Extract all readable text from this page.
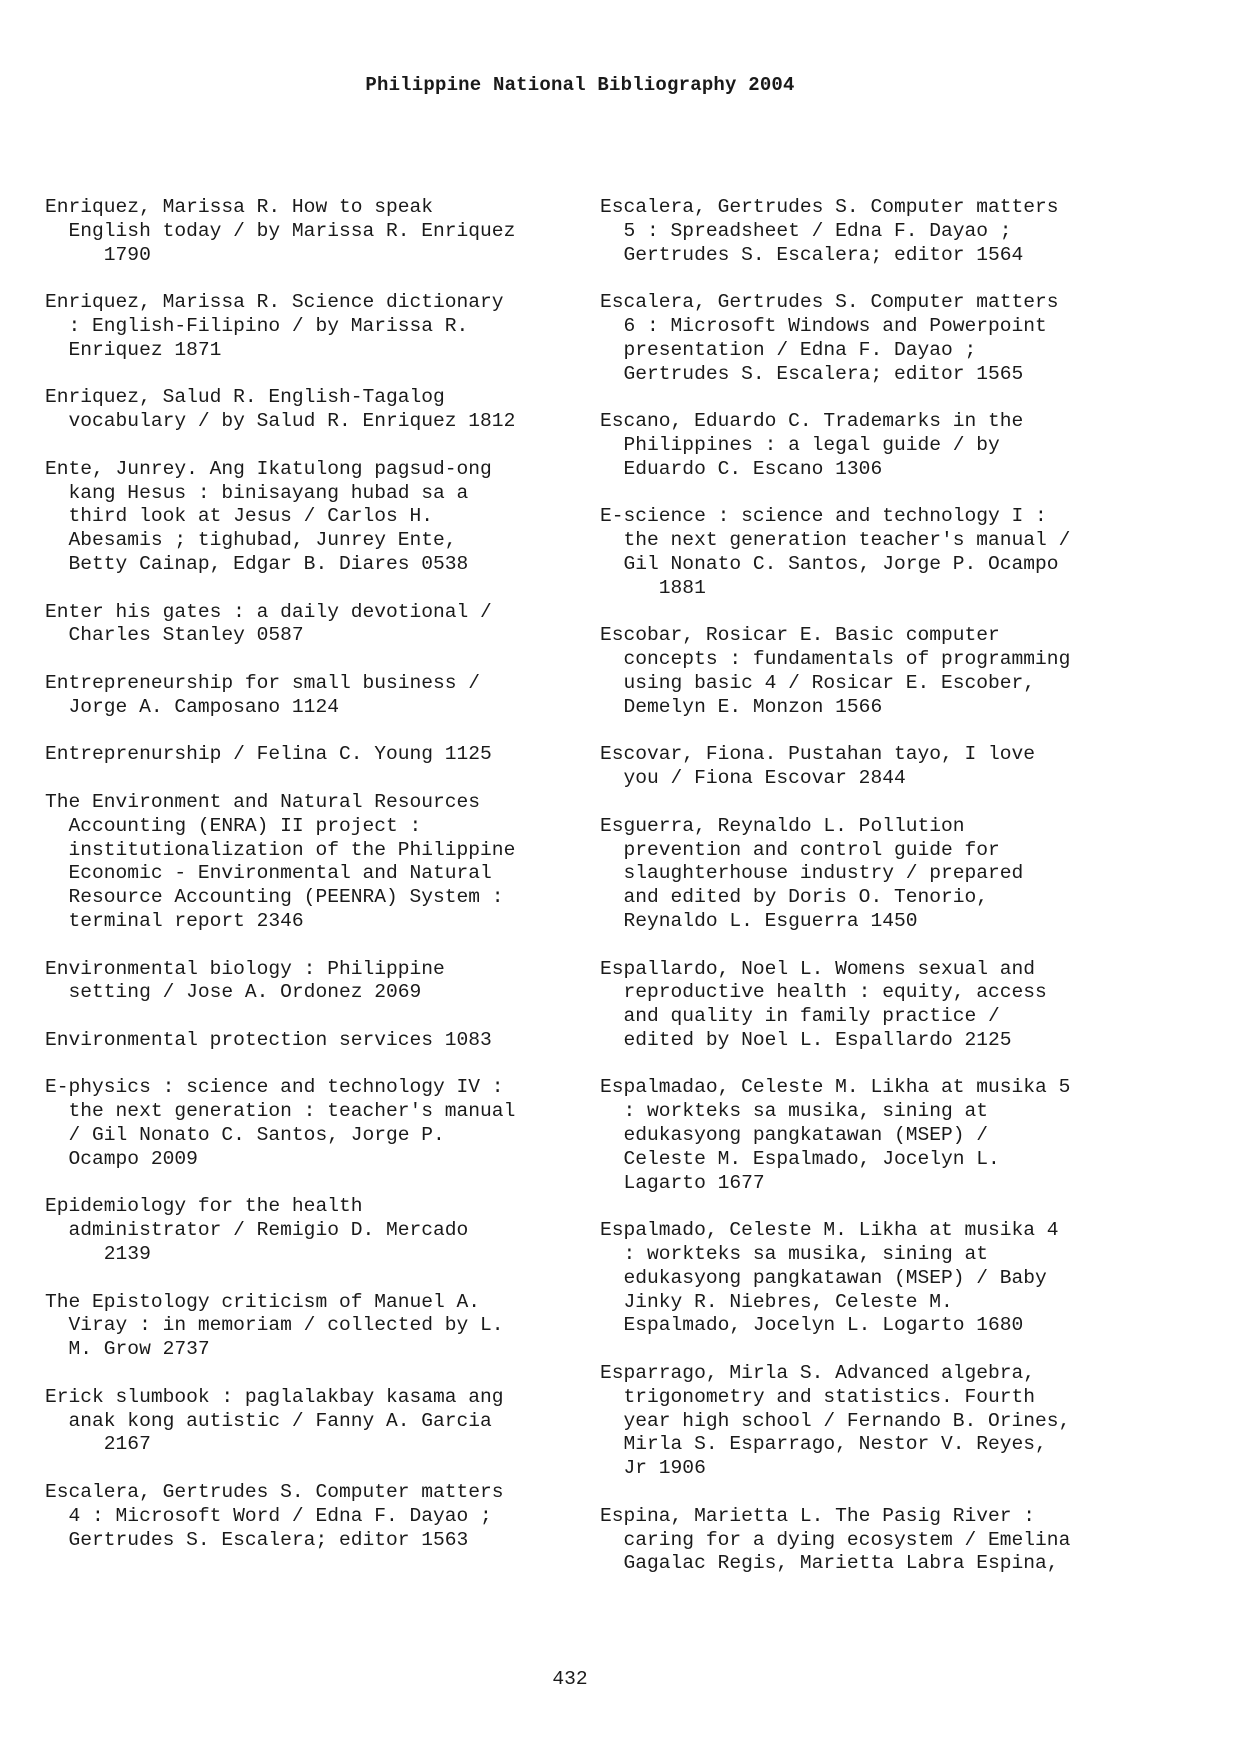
Philippine National Bibliography 2004
Enriquez, Marissa R. How to speak
English today / by Marissa R. Enriquez
1790
Enriquez, Marissa R. Science dictionary
: English-Filipino / by Marissa R.
Enriquez 1871
Enriquez, Salud R. English-Tagalog
vocabulary / by Salud R. Enriquez 1812
Ente, Junrey. Ang Ikatulong pagsud-ong
kang Hesus : binisayang hubad sa a
third look at Jesus / Carlos H.
Abesamis ; tighubad, Junrey Ente,
Betty Cainap, Edgar B. Diares 0538
Enter his gates : a daily devotional /
Charles Stanley 0587
Entrepreneurship for small business /
Jorge A. Camposano 1124
Entreprenurship / Felina C. Young 1125
The Environment and Natural Resources
Accounting (ENRA) II project :
institutionalization of the Philippine
Economic - Environmental and Natural
Resource Accounting (PEENRA) System :
terminal report 2346
Environmental biology : Philippine
setting / Jose A. Ordonez 2069
Environmental protection services 1083
E-physics : science and technology IV :
the next generation : teacher's manual
/ Gil Nonato C. Santos, Jorge P.
Ocampo 2009
Epidemiology for the health
administrator / Remigio D. Mercado
2139
The Epistology criticism of Manuel A.
Viray : in memoriam / collected by L.
M. Grow 2737
Erick slumbook : paglalakbay kasama ang
anak kong autistic / Fanny A. Garcia
2167
Escalera, Gertrudes S. Computer matters
4 : Microsoft Word / Edna F. Dayao ;
Gertrudes S. Escalera; editor 1563
Escalera, Gertrudes S. Computer matters
5 : Spreadsheet / Edna F. Dayao ;
Gertrudes S. Escalera; editor 1564
Escalera, Gertrudes S. Computer matters
6 : Microsoft Windows and Powerpoint
presentation / Edna F. Dayao ;
Gertrudes S. Escalera; editor 1565
Escano, Eduardo C. Trademarks in the
Philippines : a legal guide / by
Eduardo C. Escano 1306
E-science : science and technology I :
the next generation teacher's manual /
Gil Nonato C. Santos, Jorge P. Ocampo
1881
Escobar, Rosicar E. Basic computer
concepts : fundamentals of programming
using basic 4 / Rosicar E. Escober,
Demelyn E. Monzon 1566
Escovar, Fiona. Pustahan tayo, I love
you / Fiona Escovar 2844
Esguerra, Reynaldo L. Pollution
prevention and control guide for
slaughterhouse industry / prepared
and edited by Doris O. Tenorio,
Reynaldo L. Esguerra 1450
Espallardo, Noel L. Womens sexual and
reproductive health : equity, access
and quality in family practice /
edited by Noel L. Espallardo 2125
Espalmadao, Celeste M. Likha at musika 5
: workteks sa musika, sining at
edukasyong pangkatawan (MSEP) /
Celeste M. Espalmado, Jocelyn L.
Lagarto 1677
Espalmado, Celeste M. Likha at musika 4
: workteks sa musika, sining at
edukasyong pangkatawan (MSEP) / Baby
Jinky R. Niebres, Celeste M.
Espalmado, Jocelyn L. Logarto 1680
Esparrago, Mirla S. Advanced algebra,
trigonometry and statistics. Fourth
year high school / Fernando B. Orines,
Mirla S. Esparrago, Nestor V. Reyes,
Jr 1906
Espina, Marietta L. The Pasig River :
caring for a dying ecosystem / Emelina
Gagalac Regis, Marietta Labra Espina,
432
